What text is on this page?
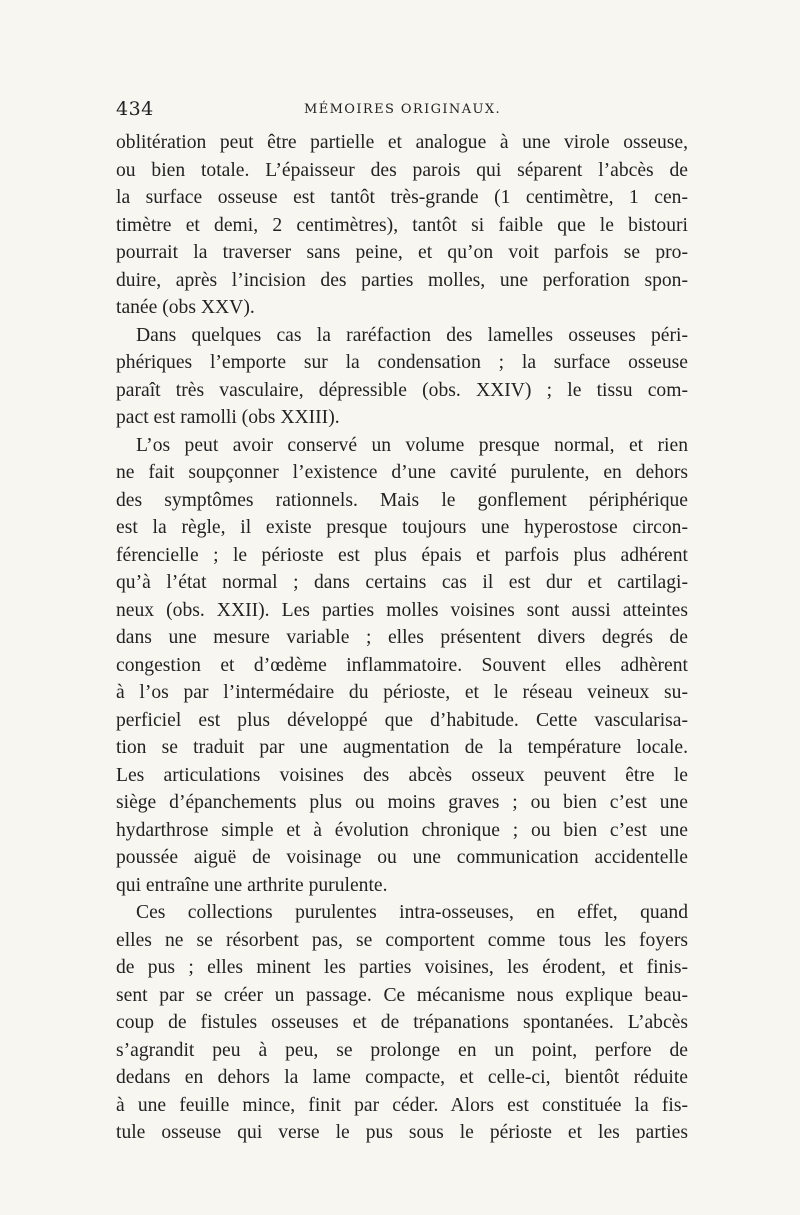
434	MÉMOIRES ORIGINAUX.
oblitération peut être partielle et analogue à une virole osseuse,
ou bien totale. L’épaisseur des parois qui séparent l’abcès de
la surface osseuse est tantôt très-grande (1 centimètre, 1 cen-
timètre et demi, 2 centimètres), tantôt si faible que le bistouri
pourrait la traverser sans peine, et qu’on voit parfois se pro-
duire, après l’incision des parties molles, une perforation spon-
tanée (obs XXV).
Dans quelques cas la raréfaction des lamelles osseuses péri-
phériques l’emporte sur la condensation ; la surface osseuse
paraît très vasculaire, dépressible (obs. XXIV) ; le tissu com-
pact est ramolli (obs XXIII).
L’os peut avoir conservé un volume presque normal, et rien
ne fait soupçonner l’existence d’une cavité purulente, en dehors
des symptômes rationnels. Mais le gonflement périphérique
est la règle, il existe presque toujours une hyperostose circon-
férencielle ; le périoste est plus épais et parfois plus adhérent
qu’à l’état normal ; dans certains cas il est dur et cartilagi-
neux (obs. XXII). Les parties molles voisines sont aussi atteintes
dans une mesure variable ; elles présentent divers degrés de
congestion et d’œdème inflammatoire. Souvent elles adhèrent
à l’os par l’intermédaire du périoste, et le réseau veineux su-
perficiel est plus développé que d’habitude. Cette vascularisa-
tion se traduit par une augmentation de la température locale.
Les articulations voisines des abcès osseux peuvent être le
siège d’épanchements plus ou moins graves ; ou bien c’est une
hydarthrose simple et à évolution chronique ; ou bien c’est une
poussée aiguë de voisinage ou une communication accidentelle
qui entraîne une arthrite purulente.
Ces collections purulentes intra-osseuses, en effet, quand
elles ne se résorbent pas, se comportent comme tous les foyers
de pus ; elles minent les parties voisines, les érodent, et finis-
sent par se créer un passage. Ce mécanisme nous explique beau-
coup de fistules osseuses et de trépanations spontanées. L’abcès
s’agrandit peu à peu, se prolonge en un point, perfore de
dedans en dehors la lame compacte, et celle-ci, bientôt réduite
à une feuille mince, finit par céder. Alors est constituée la fis-
tule osseuse qui verse le pus sous le périoste et les parties
